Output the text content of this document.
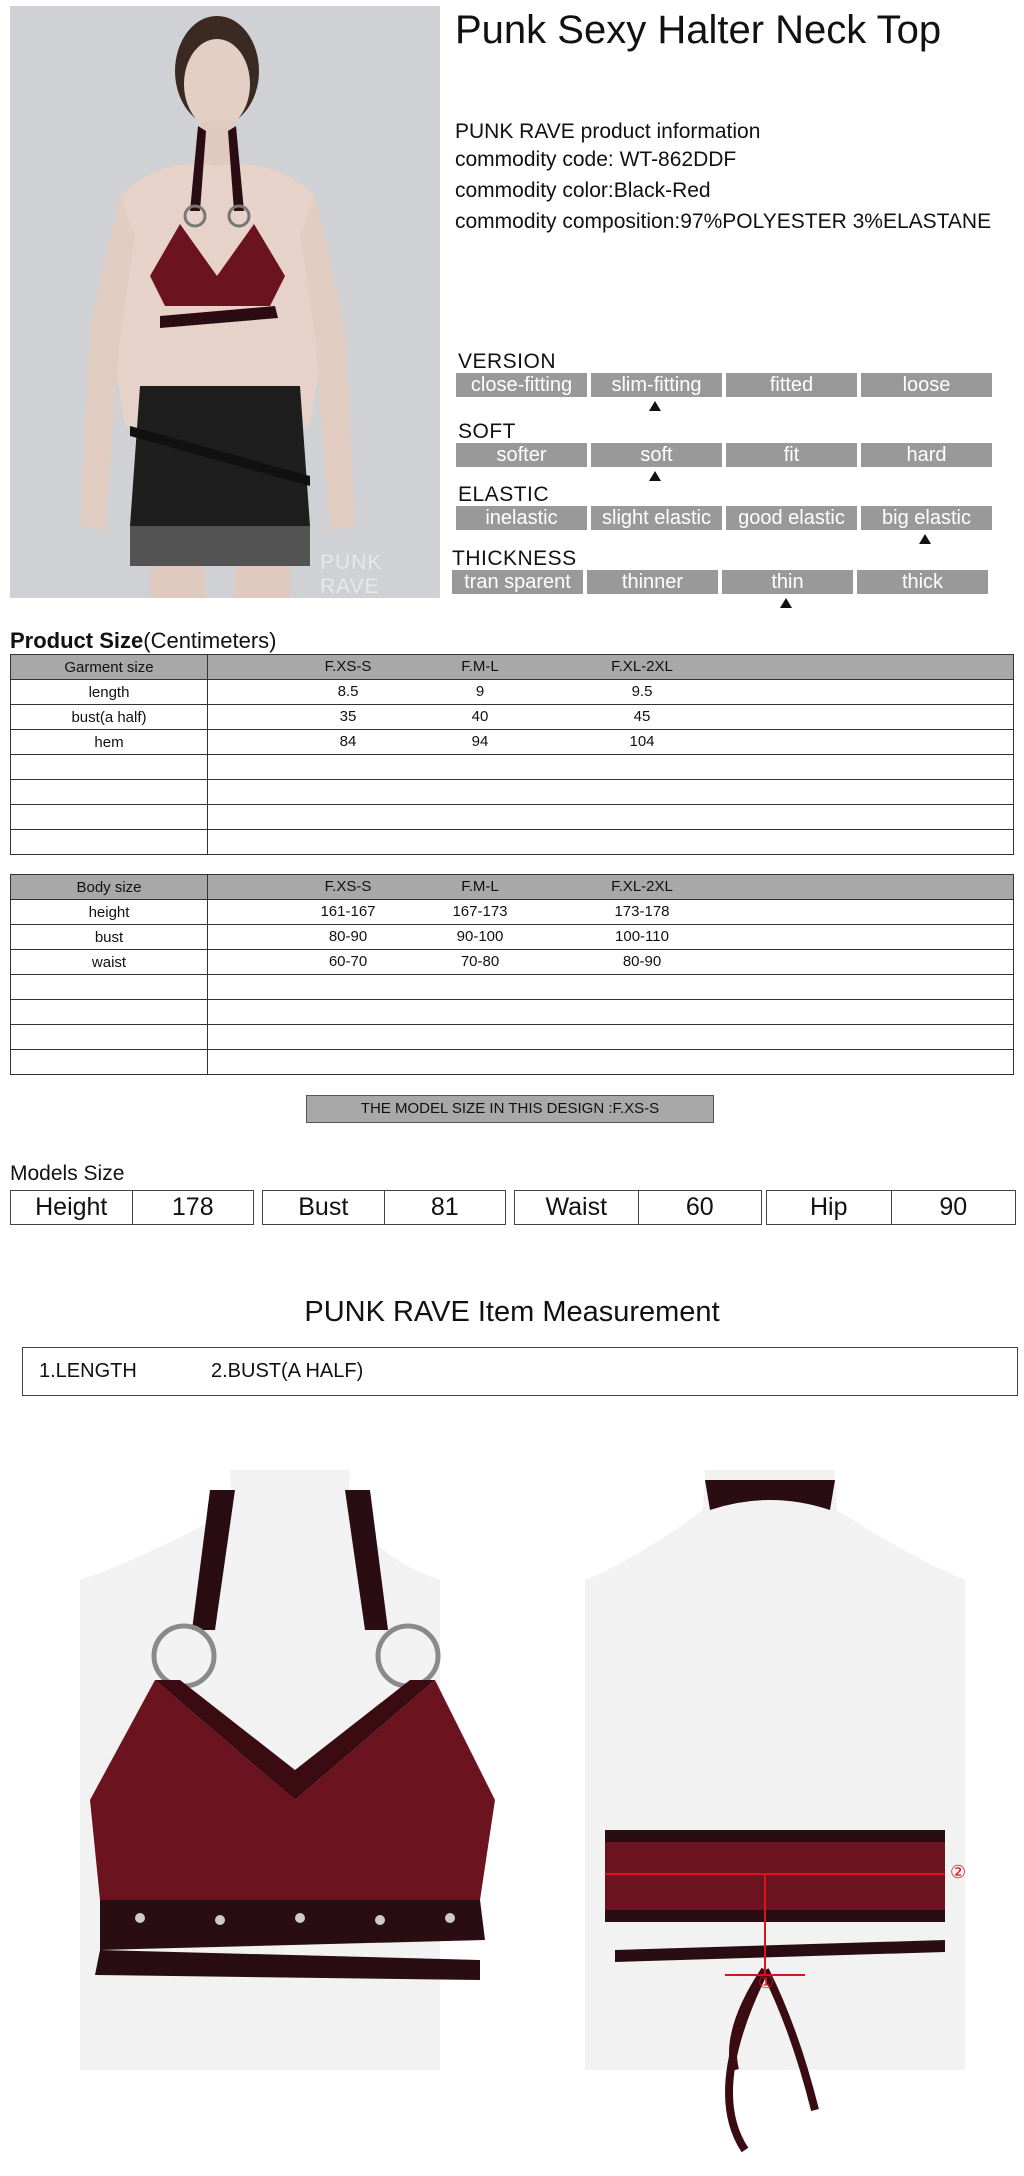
PUNK RAVE
Punk Sexy Halter Neck Top
PUNK RAVE product information
commodity code: WT-862DDF
commodity color:Black-Red
commodity composition:97%POLYESTER 3%ELASTANE
VERSION
close-fitting	slim-fitting	fitted	loose
SOFT
softer	soft	fit	hard
ELASTIC
inelastic	slight elastic	good elastic	big elastic
THICKNESS
tran sparent	thinner	thin	thick
Product Size(Centimeters)
Garment size	F.XS-S F.M-L F.XL-2XL

length	8.5 9 9.5

bust(a half)	35 40 45

hem	84 94 104

Body size	F.XS-S F.M-L F.XL-2XL

height	161-167 167-173 173-178

bust	80-90 90-100 100-110

waist	60-70 70-80 80-90

THE MODEL SIZE IN THIS DESIGN :F.XS-S
Models Size
Height	178	Bust	81	Waist	60	Hip	90
PUNK RAVE Item Measurement
1.LENGTH	2.BUST(A HALF)
①
②
